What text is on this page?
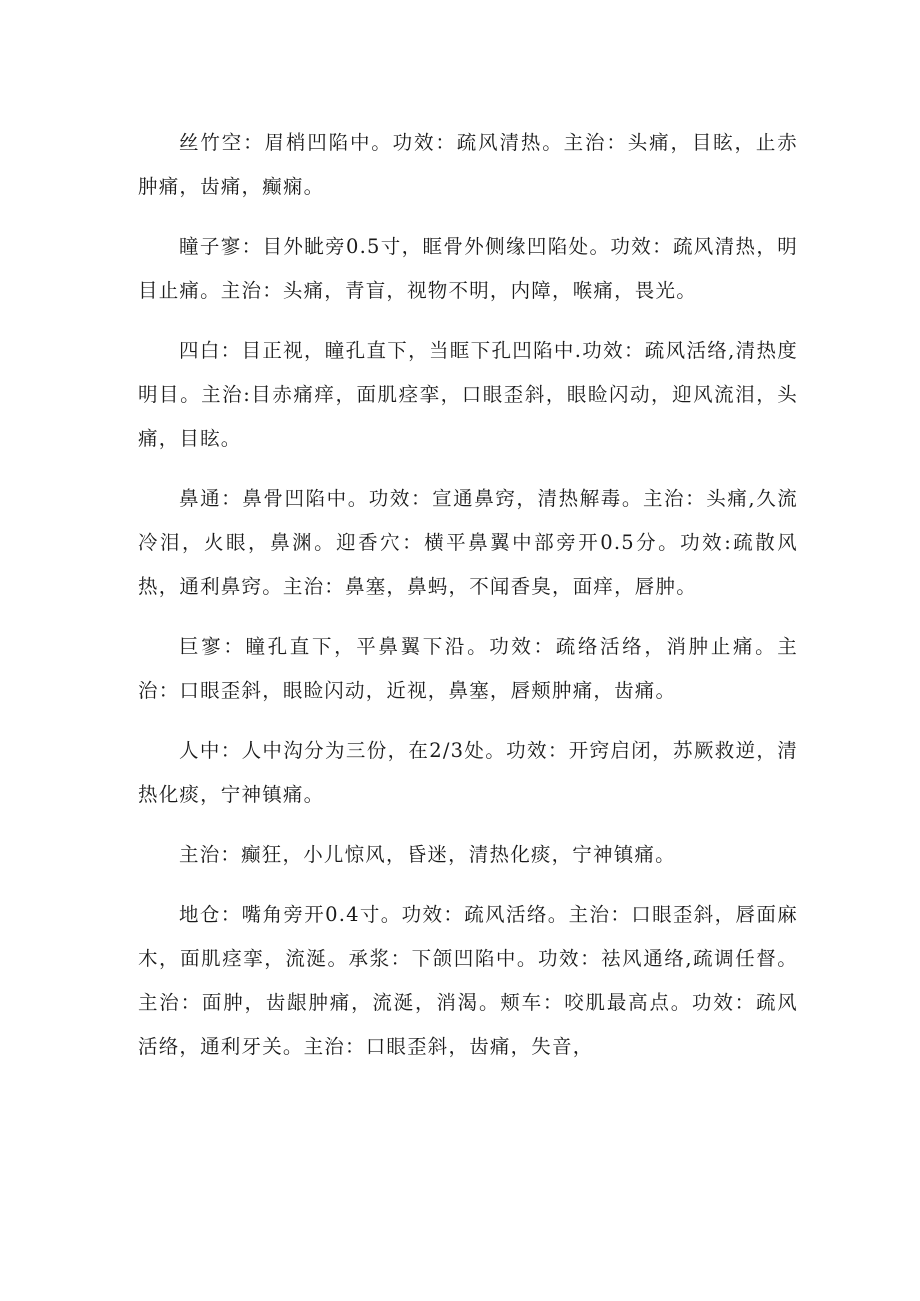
丝竹空：眉梢凹陷中。功效：疏风清热。主治：头痛，目眩，止赤肿痛，齿痛，癫痫。

瞳子寥：目外眦旁0.5寸，眶骨外侧缘凹陷处。功效：疏风清热，明目止痛。主治：头痛，青盲，视物不明，内障，喉痛，畏光。

四白：目正视，瞳孔直下，当眶下孔凹陷中.功效：疏风活络,清热度明目。主治:目赤痛痒，面肌痉挛，口眼歪斜，眼睑闪动，迎风流泪，头痛，目眩。

鼻通：鼻骨凹陷中。功效：宣通鼻窍，清热解毒。主治：头痛,久流冷泪，火眼，鼻渊。迎香穴：横平鼻翼中部旁开0.5分。功效:疏散风热，通利鼻窍。主治：鼻塞，鼻蚂，不闻香臭，面痒，唇肿。

巨寥：瞳孔直下，平鼻翼下沿。功效：疏络活络，消肿止痛。主治：口眼歪斜，眼睑闪动，近视，鼻塞，唇颊肿痛，齿痛。

人中：人中沟分为三份，在2/3处。功效：开窍启闭，苏厥救逆，清热化痰，宁神镇痛。

主治：癫狂，小儿惊风，昏迷，清热化痰，宁神镇痛。

地仓：嘴角旁开0.4寸。功效：疏风活络。主治：口眼歪斜，唇面麻木，面肌痉挛，流涎。承浆：下颌凹陷中。功效：祛风通络,疏调任督。主治：面肿，齿龈肿痛，流涎，消渴。颊车：咬肌最高点。功效：疏风活络，通利牙关。主治：口眼歪斜，齿痛，失音，
